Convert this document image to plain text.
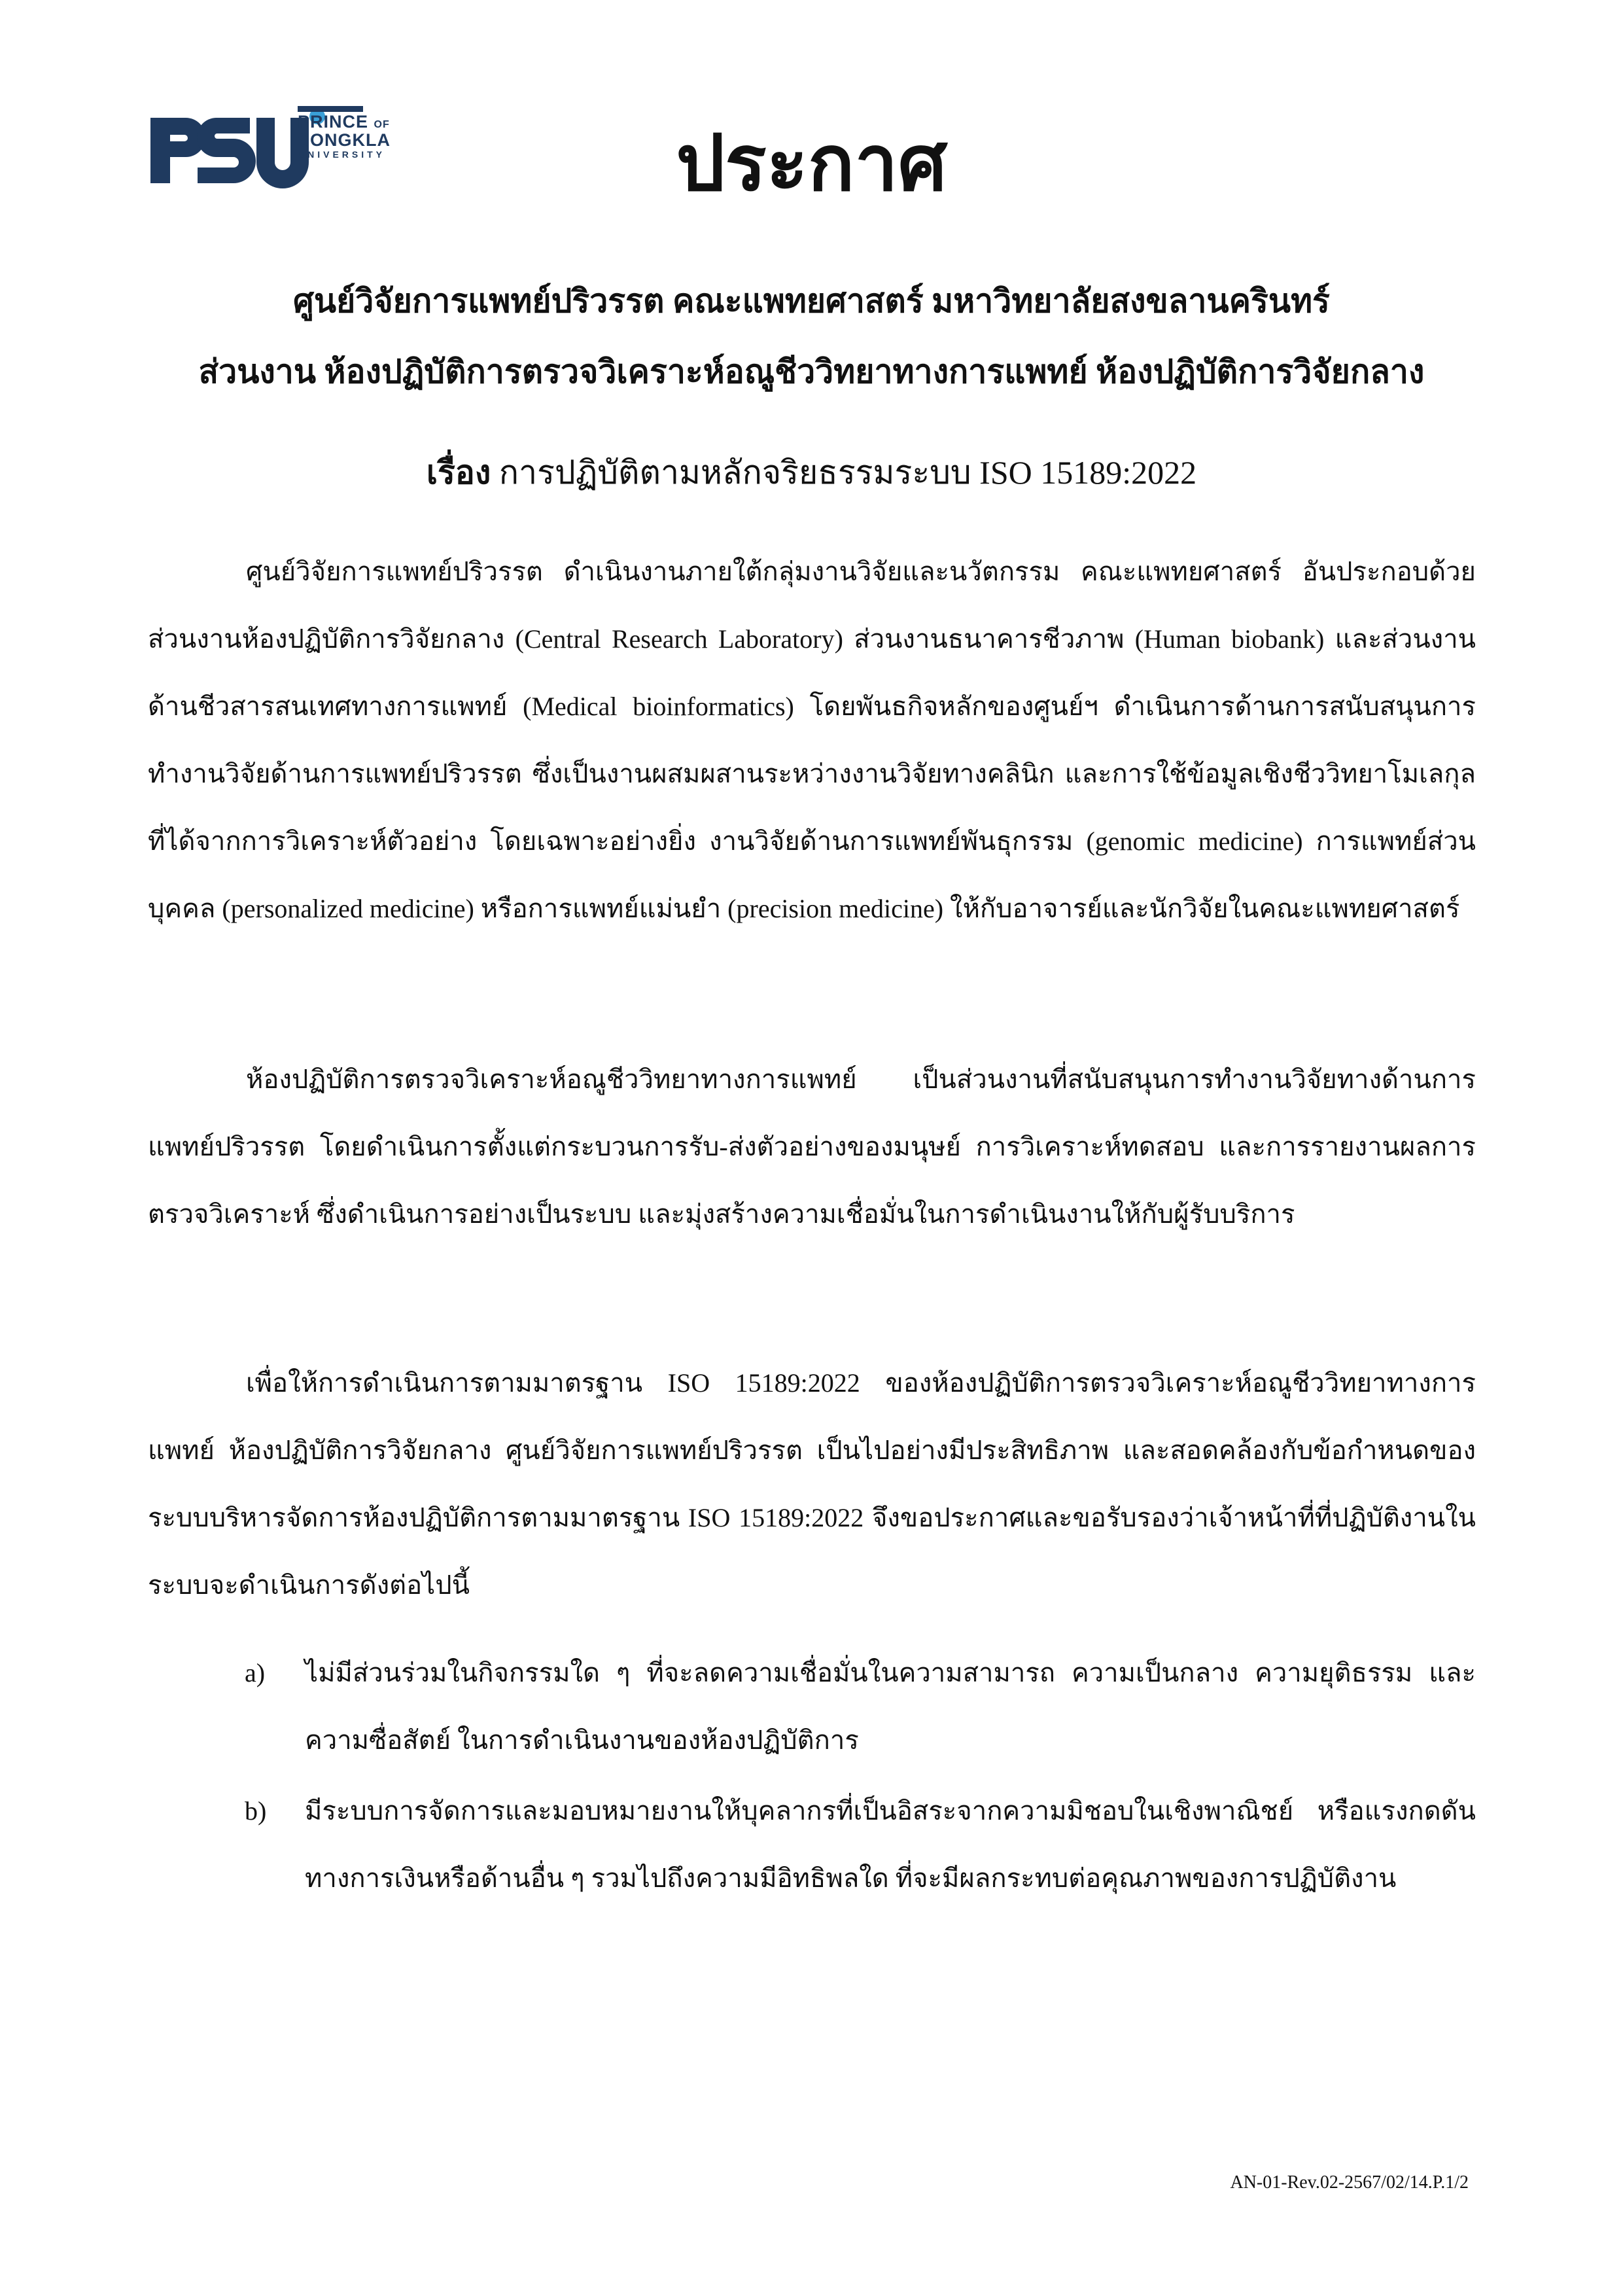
PRINCE OF
SONGKLA
UNIVERSITY	ประกาศ

ศูนย์วิจัยการแพทย์ปริวรรต คณะแพทยศาสตร์ มหาวิทยาลัยสงขลานครินทร์

ส่วนงาน ห้องปฏิบัติการตรวจวิเคราะห์อณูชีววิทยาทางการแพทย์ ห้องปฏิบัติการวิจัยกลาง

เรื่อง การปฏิบัติตามหลักจริยธรรมระบบ ISO 15189:2022

ศูนย์วิจัยการแพทย์ปริวรรต ดำเนินงานภายใต้กลุ่มงานวิจัยและนวัตกรรม คณะแพทยศาสตร์ อันประกอบด้วย ส่วนงานห้องปฏิบัติการวิจัยกลาง (Central Research Laboratory) ส่วนงานธนาคารชีวภาพ (Human biobank) และส่วนงานด้านชีวสารสนเทศทางการแพทย์ (Medical bioinformatics) โดยพันธกิจหลักของศูนย์ฯ ดำเนินการด้านการสนับสนุนการทำงานวิจัยด้านการแพทย์ปริวรรต ซึ่งเป็นงานผสมผสานระหว่างงานวิจัยทางคลินิก และการใช้ข้อมูลเชิงชีววิทยาโมเลกุลที่ได้จากการวิเคราะห์ตัวอย่าง โดยเฉพาะอย่างยิ่ง งานวิจัยด้านการแพทย์พันธุกรรม (genomic medicine) การแพทย์ส่วนบุคคล (personalized medicine) หรือการแพทย์แม่นยำ (precision medicine) ให้กับอาจารย์และนักวิจัยในคณะแพทยศาสตร์

ห้องปฏิบัติการตรวจวิเคราะห์อณูชีววิทยาทางการแพทย์ เป็นส่วนงานที่สนับสนุนการทำงานวิจัยทางด้านการแพทย์ปริวรรต โดยดำเนินการตั้งแต่กระบวนการรับ-ส่งตัวอย่างของมนุษย์ การวิเคราะห์ทดสอบ และการรายงานผลการตรวจวิเคราะห์ ซึ่งดำเนินการอย่างเป็นระบบ และมุ่งสร้างความเชื่อมั่นในการดำเนินงานให้กับผู้รับบริการ

เพื่อให้การดำเนินการตามมาตรฐาน ISO 15189:2022 ของห้องปฏิบัติการตรวจวิเคราะห์อณูชีววิทยาทางการแพทย์ ห้องปฏิบัติการวิจัยกลาง ศูนย์วิจัยการแพทย์ปริวรรต เป็นไปอย่างมีประสิทธิภาพ และสอดคล้องกับข้อกำหนดของระบบบริหารจัดการห้องปฏิบัติการตามมาตรฐาน ISO 15189:2022 จึงขอประกาศและขอรับรองว่าเจ้าหน้าที่ที่ปฏิบัติงานในระบบจะดำเนินการดังต่อไปนี้

a) ไม่มีส่วนร่วมในกิจกรรมใด ๆ ที่จะลดความเชื่อมั่นในความสามารถ ความเป็นกลาง ความยุติธรรม และความซื่อสัตย์ ในการดำเนินงานของห้องปฏิบัติการ
b) มีระบบการจัดการและมอบหมายงานให้บุคลากรที่เป็นอิสระจากความมิชอบในเชิงพาณิชย์ หรือแรงกดดันทางการเงินหรือด้านอื่น ๆ รวมไปถึงความมีอิทธิพลใด ที่จะมีผลกระทบต่อคุณภาพของการปฏิบัติงาน
AN-01-Rev.02-2567/02/14.P.1/2
